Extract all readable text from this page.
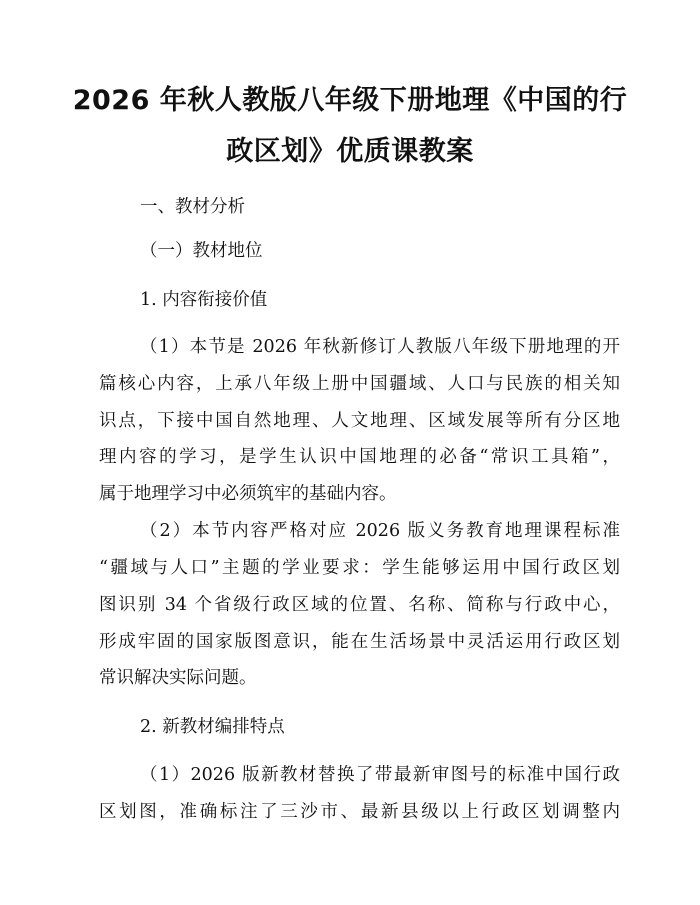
2026 年秋人教版八年级下册地理《中国的行
政区划》优质课教案
一、教材分析
（一）教材地位
1. 内容衔接价值
（1）本节是 2026 年秋新修订人教版八年级下册地理的开
篇核心内容，上承八年级上册中国疆域、人口与民族的相关知
识点，下接中国自然地理、人文地理、区域发展等所有分区地
理内容的学习，是学生认识中国地理的必备“常识工具箱”，
属于地理学习中必须筑牢的基础内容。
（2）本节内容严格对应 2026 版义务教育地理课程标准
“疆域与人口”主题的学业要求：学生能够运用中国行政区划
图识别 34 个省级行政区域的位置、名称、简称与行政中心，
形成牢固的国家版图意识，能在生活场景中灵活运用行政区划
常识解决实际问题。
2. 新教材编排特点
（1）2026 版新教材替换了带最新审图号的标准中国行政
区划图，准确标注了三沙市、最新县级以上行政区划调整内
